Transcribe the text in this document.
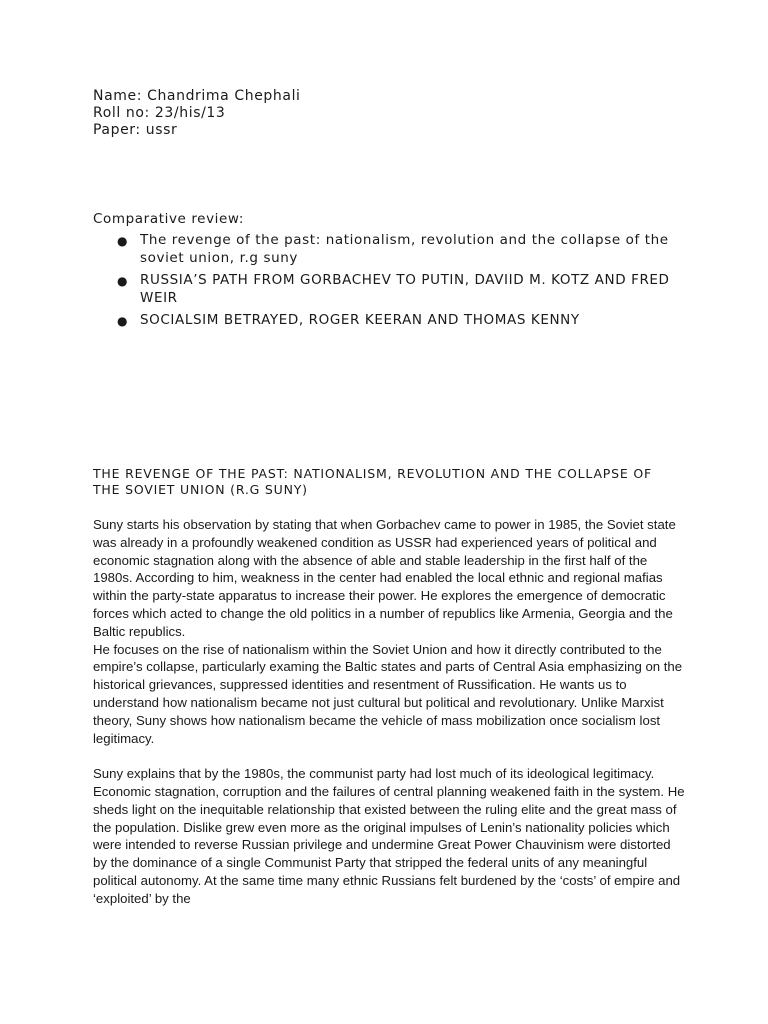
Name: Chandrima Chephali
Roll no: 23/his/13
Paper: ussr
Comparative review:
● The revenge of the past: nationalism, revolution and the collapse of the soviet union, r.g suny
● RUSSIA’S PATH FROM GORBACHEV TO PUTIN, DAVIID M. KOTZ AND FRED WEIR
● SOCIALSIM BETRAYED, ROGER KEERAN AND THOMAS KENNY
THE REVENGE OF THE PAST: NATIONALISM, REVOLUTION AND THE COLLAPSE OF THE SOVIET UNION (R.G SUNY)

Suny starts his observation by stating that when Gorbachev came to power in 1985, the Soviet state was already in a profoundly weakened condition as USSR had experienced years of political and economic stagnation along with the absence of able and stable leadership in the first half of the 1980s. According to him, weakness in the center had enabled the local ethnic and regional mafias within the party-state apparatus to increase their power. He explores the emergence of democratic forces which acted to change the old politics in a number of republics like Armenia, Georgia and the Baltic republics.

He focuses on the rise of nationalism within the Soviet Union and how it directly contributed to the empire’s collapse, particularly examing the Baltic states and parts of Central Asia emphasizing on the historical grievances, suppressed identities and resentment of Russification. He wants us to understand how nationalism became not just cultural but political and revolutionary. Unlike Marxist theory, Suny shows how nationalism became the vehicle of mass mobilization once socialism lost legitimacy.

Suny explains that by the 1980s, the communist party had lost much of its ideological legitimacy. Economic stagnation, corruption and the failures of central planning weakened faith in the system. He sheds light on the inequitable relationship that existed between the ruling elite and the great mass of the population. Dislike grew even more as the original impulses of Lenin’s nationality policies which were intended to reverse Russian privilege and undermine Great Power Chauvinism were distorted by the dominance of a single Communist Party that stripped the federal units of any meaningful political autonomy. At the same time many ethnic Russians felt burdened by the ‘costs’ of empire and ‘exploited’ by the
